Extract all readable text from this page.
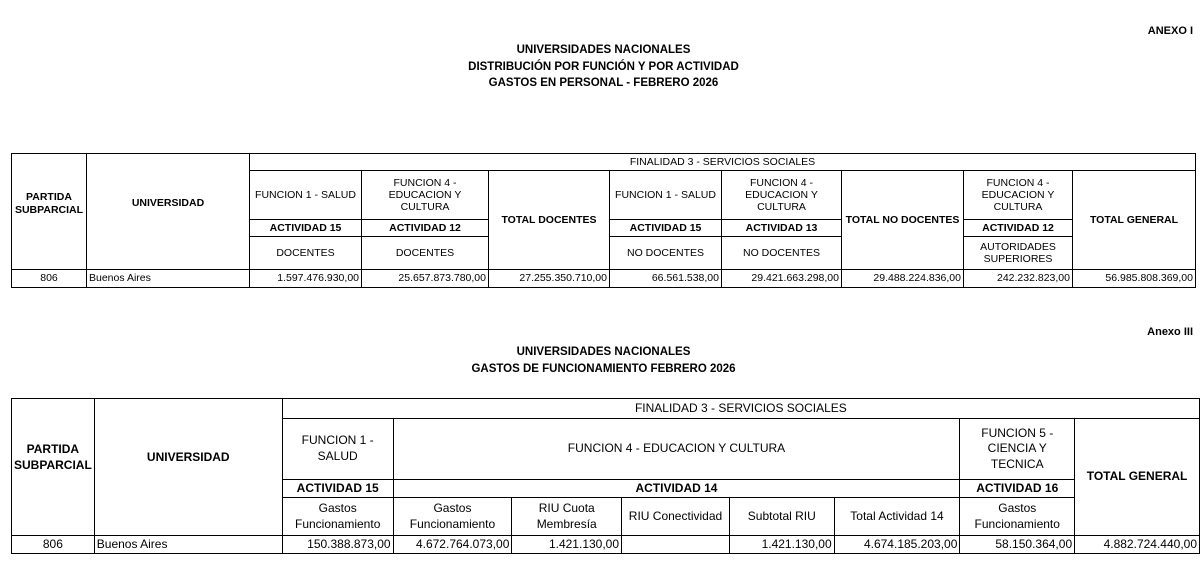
ANEXO I
UNIVERSIDADES NACIONALES
DISTRIBUCIÓN POR FUNCIÓN Y POR ACTIVIDAD
GASTOS EN PERSONAL - FEBRERO 2026
		FINALIDAD 3 - SERVICIOS SOCIALES							
PARTIDA SUBPARCIAL	UNIVERSIDAD	FUNCION 1 - SALUD	FUNCION 4 - EDUCACION Y CULTURA	TOTAL DOCENTES	FUNCION 1 - SALUD	FUNCION 4 - EDUCACION Y CULTURA	TOTAL NO DOCENTES	FUNCION 4 - EDUCACION Y CULTURA	TOTAL GENERAL
		ACTIVIDAD 15	ACTIVIDAD 12		ACTIVIDAD 15	ACTIVIDAD 13		ACTIVIDAD 12	
		DOCENTES	DOCENTES		NO DOCENTES	NO DOCENTES		AUTORIDADES SUPERIORES	
806	Buenos Aires	1.597.476.930,00	25.657.873.780,00	27.255.350.710,00	66.561.538,00	29.421.663.298,00	29.488.224.836,00	242.232.823,00	56.985.808.369,00
Anexo III
UNIVERSIDADES NACIONALES
GASTOS DE FUNCIONAMIENTO FEBRERO 2026
		FINALIDAD 3 - SERVICIOS SOCIALES							
PARTIDA SUBPARCIAL	UNIVERSIDAD	FUNCION 1 - SALUD	FUNCION 4 - EDUCACION Y CULTURA					FUNCION 5 - CIENCIA Y TECNICA	TOTAL GENERAL
		ACTIVIDAD 15	ACTIVIDAD 14					ACTIVIDAD 16	
		Gastos Funcionamiento	Gastos Funcionamiento	RIU Cuota Membresía	RIU Conectividad	Subtotal RIU	Total Actividad 14	Gastos Funcionamiento	
806	Buenos Aires	150.388.873,00	4.672.764.073,00	1.421.130,00		1.421.130,00	4.674.185.203,00	58.150.364,00	4.882.724.440,00
